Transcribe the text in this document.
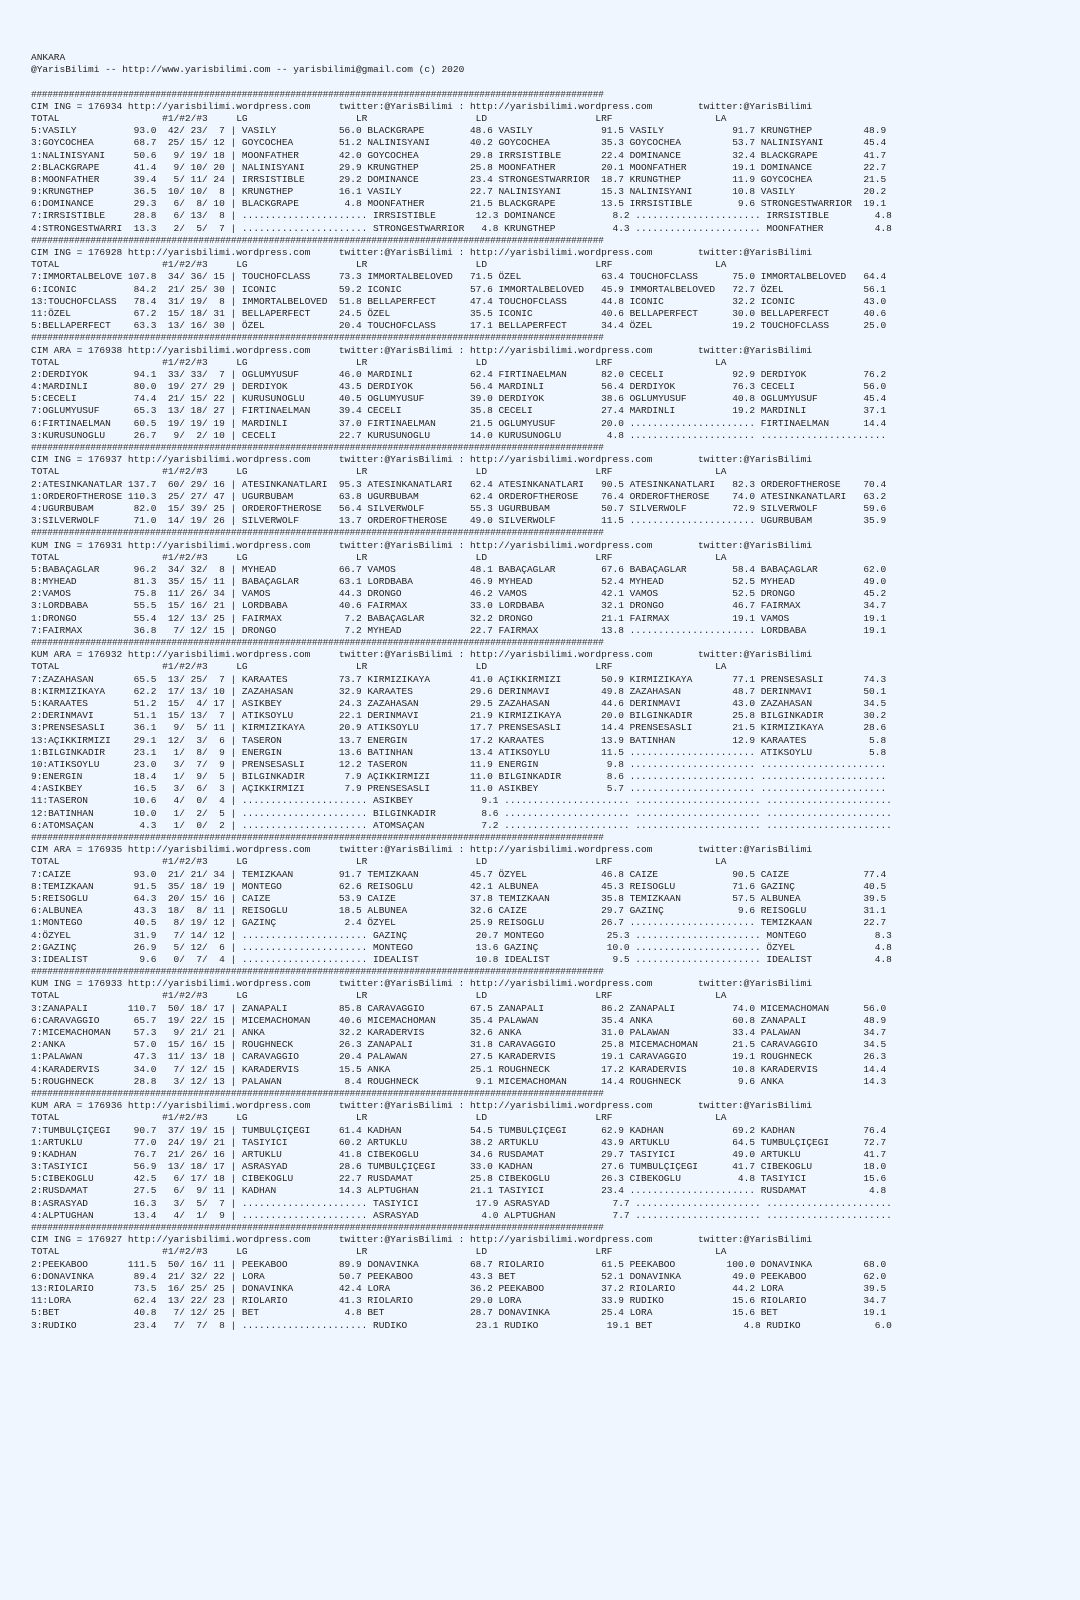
ANKARA
@YarisBilimi -- http://www.yarisbilimi.com -- yarisbilimi@gmail.com (c) 2020
##########################################################################################################
CIM ING = 176934 http://yarisbilimi.wordpress.com     twitter:@YarisBilimi : http://yarisbilimi.wordpress.com        twitter:@YarisBilimi
TOTAL                  #1/#2/#3     LG                   LR                   LD                   LRF                  LA
5:VASILY          93.0  42/ 23/  7 | VASILY           56.0 BLACKGRAPE        48.6 VASILY            91.5 VASILY            91.7 KRUNGTHEP         48.9
3:GOYCOCHEA       68.7  25/ 15/ 12 | GOYCOCHEA        51.2 NALINISYANI       40.2 GOYCOCHEA         35.3 GOYCOCHEA         53.7 NALINISYANI       45.4
1:NALINISYANI     50.6   9/ 19/ 18 | MOONFATHER       42.0 GOYCOCHEA         29.8 IRRSISTIBLE       22.4 DOMINANCE         32.4 BLACKGRAPE        41.7
2:BLACKGRAPE      41.4   9/ 10/ 20 | NALINISYANI      29.9 KRUNGTHEP         25.8 MOONFATHER        20.1 MOONFATHER        19.1 DOMINANCE         22.7
8:MOONFATHER      39.4   5/ 11/ 24 | IRRSISTIBLE      29.2 DOMINANCE         23.4 STRONGESTWARRIOR  18.7 KRUNGTHEP         11.9 GOYCOCHEA         21.5
9:KRUNGTHEP       36.5  10/ 10/  8 | KRUNGTHEP        16.1 VASILY            22.7 NALINISYANI       15.3 NALINISYANI       10.8 VASILY            20.2
6:DOMINANCE       29.3   6/  8/ 10 | BLACKGRAPE        4.8 MOONFATHER        21.5 BLACKGRAPE        13.5 IRRSISTIBLE        9.6 STRONGESTWARRIOR  19.1
7:IRRSISTIBLE     28.8   6/ 13/  8 | ...................... IRRSISTIBLE       12.3 DOMINANCE          8.2 ...................... IRRSISTIBLE        4.8
4:STRONGESTWARRI  13.3   2/  5/  7 | ...................... STRONGESTWARRIOR   4.8 KRUNGTHEP          4.3 ...................... MOONFATHER         4.8
##########################################################################################################
CIM ING = 176928 http://yarisbilimi.wordpress.com     twitter:@YarisBilimi : http://yarisbilimi.wordpress.com        twitter:@YarisBilimi
TOTAL                  #1/#2/#3     LG                   LR                   LD                   LRF                  LA
7:IMMORTALBELOVE 107.8  34/ 36/ 15 | TOUCHOFCLASS     73.3 IMMORTALBELOVED   71.5 ÖZEL              63.4 TOUCHOFCLASS      75.0 IMMORTALBELOVED   64.4
6:ICONIC          84.2  21/ 25/ 30 | ICONIC           59.2 ICONIC            57.6 IMMORTALBELOVED   45.9 IMMORTALBELOVED   72.7 ÖZEL              56.1
13:TOUCHOFCLASS   78.4  31/ 19/  8 | IMMORTALBELOVED  51.8 BELLAPERFECT      47.4 TOUCHOFCLASS      44.8 ICONIC            32.2 ICONIC            43.0
11:ÖZEL           67.2  15/ 18/ 31 | BELLAPERFECT     24.5 ÖZEL              35.5 ICONIC            40.6 BELLAPERFECT      30.0 BELLAPERFECT      40.6
5:BELLAPERFECT    63.3  13/ 16/ 30 | ÖZEL             20.4 TOUCHOFCLASS      17.1 BELLAPERFECT      34.4 ÖZEL              19.2 TOUCHOFCLASS      25.0
##########################################################################################################
CIM ARA = 176938 http://yarisbilimi.wordpress.com     twitter:@YarisBilimi : http://yarisbilimi.wordpress.com        twitter:@YarisBilimi
TOTAL                  #1/#2/#3     LG                   LR                   LD                   LRF                  LA
2:DERDIYOK        94.1  33/ 33/  7 | OGLUMYUSUF       46.0 MARDINLI          62.4 FIRTINAELMAN      82.0 CECELI            92.9 DERDIYOK          76.2
4:MARDINLI        80.0  19/ 27/ 29 | DERDIYOK         43.5 DERDIYOK          56.4 MARDINLI          56.4 DERDIYOK          76.3 CECELI            56.0
5:CECELI          74.4  21/ 15/ 22 | KURUSUNOGLU      40.5 OGLUMYUSUF        39.0 DERDIYOK          38.6 OGLUMYUSUF        40.8 OGLUMYUSUF        45.4
7:OGLUMYUSUF      65.3  13/ 18/ 27 | FIRTINAELMAN     39.4 CECELI            35.8 CECELI            27.4 MARDINLI          19.2 MARDINLI          37.1
6:FIRTINAELMAN    60.5  19/ 19/ 19 | MARDINLI         37.0 FIRTINAELMAN      21.5 OGLUMYUSUF        20.0 ...................... FIRTINAELMAN      14.4
3:KURUSUNOGLU     26.7   9/  2/ 10 | CECELI           22.7 KURUSUNOGLU       14.0 KURUSUNOGLU        4.8 ...................... ......................
##########################################################################################################
CIM ING = 176937 http://yarisbilimi.wordpress.com     twitter:@YarisBilimi : http://yarisbilimi.wordpress.com        twitter:@YarisBilimi
TOTAL                  #1/#2/#3     LG                   LR                   LD                   LRF                  LA
2:ATESINKANATLAR 137.7  60/ 29/ 16 | ATESINKANATLARI  95.3 ATESINKANATLARI   62.4 ATESINKANATLARI   90.5 ATESINKANATLARI   82.3 ORDEROFTHEROSE    70.4
1:ORDEROFTHEROSE 110.3  25/ 27/ 47 | UGURBUBAM        63.8 UGURBUBAM         62.4 ORDEROFTHEROSE    76.4 ORDEROFTHEROSE    74.0 ATESINKANATLARI   63.2
4:UGURBUBAM       82.0  15/ 39/ 25 | ORDEROFTHEROSE   56.4 SILVERWOLF        55.3 UGURBUBAM         50.7 SILVERWOLF        72.9 SILVERWOLF        59.6
3:SILVERWOLF      71.0  14/ 19/ 26 | SILVERWOLF       13.7 ORDEROFTHEROSE    49.0 SILVERWOLF        11.5 ...................... UGURBUBAM         35.9
##########################################################################################################
KUM ING = 176931 http://yarisbilimi.wordpress.com     twitter:@YarisBilimi : http://yarisbilimi.wordpress.com        twitter:@YarisBilimi
TOTAL                  #1/#2/#3     LG                   LR                   LD                   LRF                  LA
5:BABAÇAGLAR      96.2  34/ 32/  8 | MYHEAD           66.7 VAMOS             48.1 BABAÇAGLAR        67.6 BABAÇAGLAR        58.4 BABAÇAGLAR        62.0
8:MYHEAD          81.3  35/ 15/ 11 | BABAÇAGLAR       63.1 LORDBABA          46.9 MYHEAD            52.4 MYHEAD            52.5 MYHEAD            49.0
2:VAMOS           75.8  11/ 26/ 34 | VAMOS            44.3 DRONGO            46.2 VAMOS             42.1 VAMOS             52.5 DRONGO            45.2
3:LORDBABA        55.5  15/ 16/ 21 | LORDBABA         40.6 FAIRMAX           33.0 LORDBABA          32.1 DRONGO            46.7 FAIRMAX           34.7
1:DRONGO          55.4  12/ 13/ 25 | FAIRMAX           7.2 BABAÇAGLAR        32.2 DRONGO            21.1 FAIRMAX           19.1 VAMOS             19.1
7:FAIRMAX         36.8   7/ 12/ 15 | DRONGO            7.2 MYHEAD            22.7 FAIRMAX           13.8 ...................... LORDBABA          19.1
##########################################################################################################
KUM ARA = 176932 http://yarisbilimi.wordpress.com     twitter:@YarisBilimi : http://yarisbilimi.wordpress.com        twitter:@YarisBilimi
TOTAL                  #1/#2/#3     LG                   LR                   LD                   LRF                  LA
7:ZAZAHASAN       65.5  13/ 25/  7 | KARAATES         73.7 KIRMIZIKAYA       41.0 AÇIKKIRMIZI       50.9 KIRMIZIKAYA       77.1 PRENSESASLI       74.3
8:KIRMIZIKAYA     62.2  17/ 13/ 10 | ZAZAHASAN        32.9 KARAATES          29.6 DERINMAVI         49.8 ZAZAHASAN         48.7 DERINMAVI         50.1
5:KARAATES        51.2  15/  4/ 17 | ASIKBEY          24.3 ZAZAHASAN         29.5 ZAZAHASAN         44.6 DERINMAVI         43.0 ZAZAHASAN         34.5
2:DERINMAVI       51.1  15/ 13/  7 | ATIKSOYLU        22.1 DERINMAVI         21.9 KIRMIZIKAYA       20.0 BILGINKADIR       25.8 BILGINKADIR       30.2
3:PRENSESASLI     36.1   9/  5/ 11 | KIRMIZIKAYA      20.9 ATIKSOYLU         17.7 PRENSESASLI       14.4 PRENSESASLI       21.5 KIRMIZIKAYA       28.6
13:AÇIKKIRMIZI    29.1  12/  3/  6 | TASERON          13.7 ENERGIN           17.2 KARAATES          13.9 BATINHAN          12.9 KARAATES           5.8
1:BILGINKADIR     23.1   1/  8/  9 | ENERGIN          13.6 BATINHAN          13.4 ATIKSOYLU         11.5 ...................... ATIKSOYLU          5.8
10:ATIKSOYLU      23.0   3/  7/  9 | PRENSESASLI      12.2 TASERON           11.9 ENERGIN            9.8 ...................... ......................
9:ENERGIN         18.4   1/  9/  5 | BILGINKADIR       7.9 AÇIKKIRMIZI       11.0 BILGINKADIR        8.6 ...................... ......................
4:ASIKBEY         16.5   3/  6/  3 | AÇIKKIRMIZI       7.9 PRENSESASLI       11.0 ASIKBEY            5.7 ...................... ......................
11:TASERON        10.6   4/  0/  4 | ...................... ASIKBEY            9.1 ...................... ...................... ......................
12:BATINHAN       10.0   1/  2/  5 | ...................... BILGINKADIR        8.6 ...................... ...................... ......................
6:ATOMSAÇAN        4.3   1/  0/  2 | ...................... ATOMSAÇAN          7.2 ...................... ...................... ......................
##########################################################################################################
CIM ARA = 176935 http://yarisbilimi.wordpress.com     twitter:@YarisBilimi : http://yarisbilimi.wordpress.com        twitter:@YarisBilimi
TOTAL                  #1/#2/#3     LG                   LR                   LD                   LRF                  LA
7:CAIZE           93.0  21/ 21/ 34 | TEMIZKAAN        91.7 TEMIZKAAN         45.7 ÖZYEL             46.8 CAIZE             90.5 CAIZE             77.4
8:TEMIZKAAN       91.5  35/ 18/ 19 | MONTEGO          62.6 REISOGLU          42.1 ALBUNEA           45.3 REISOGLU          71.6 GAZINÇ            40.5
5:REISOGLU        64.3  20/ 15/ 16 | CAIZE            53.9 CAIZE             37.8 TEMIZKAAN         35.8 TEMIZKAAN         57.5 ALBUNEA           39.5
6:ALBUNEA         43.3  18/  8/ 11 | REISOGLU         18.5 ALBUNEA           32.6 CAIZE             29.7 GAZINÇ             9.6 REISOGLU          31.1
1:MONTEGO         40.5   8/ 19/ 12 | GAZINÇ            2.4 ÖZYEL             25.9 REISOGLU          26.7 ...................... TEMIZKAAN         22.7
4:ÖZYEL           31.9   7/ 14/ 12 | ...................... GAZINÇ            20.7 MONTEGO           25.3 ...................... MONTEGO            8.3
2:GAZINÇ          26.9   5/ 12/  6 | ...................... MONTEGO           13.6 GAZINÇ            10.0 ...................... ÖZYEL              4.8
3:IDEALIST         9.6   0/  7/  4 | ...................... IDEALIST          10.8 IDEALIST           9.5 ...................... IDEALIST           4.8
##########################################################################################################
KUM ING = 176933 http://yarisbilimi.wordpress.com     twitter:@YarisBilimi : http://yarisbilimi.wordpress.com        twitter:@YarisBilimi
TOTAL                  #1/#2/#3     LG                   LR                   LD                   LRF                  LA
3:ZANAPALI       110.7  50/ 18/ 17 | ZANAPALI         85.8 CARAVAGGIO        67.5 ZANAPALI          86.2 ZANAPALI          74.0 MICEMACHOMAN      56.0
6:CARAVAGGIO      65.7  19/ 22/ 15 | MICEMACHOMAN     40.6 MICEMACHOMAN      35.4 PALAWAN           35.4 ANKA              60.8 ZANAPALI          48.9
7:MICEMACHOMAN    57.3   9/ 21/ 21 | ANKA             32.2 KARADERVIS        32.6 ANKA              31.0 PALAWAN           33.4 PALAWAN           34.7
2:ANKA            57.0  15/ 16/ 15 | ROUGHNECK        26.3 ZANAPALI          31.8 CARAVAGGIO        25.8 MICEMACHOMAN      21.5 CARAVAGGIO        34.5
1:PALAWAN         47.3  11/ 13/ 18 | CARAVAGGIO       20.4 PALAWAN           27.5 KARADERVIS        19.1 CARAVAGGIO        19.1 ROUGHNECK         26.3
4:KARADERVIS      34.0   7/ 12/ 15 | KARADERVIS       15.5 ANKA              25.1 ROUGHNECK         17.2 KARADERVIS        10.8 KARADERVIS        14.4
5:ROUGHNECK       28.8   3/ 12/ 13 | PALAWAN           8.4 ROUGHNECK          9.1 MICEMACHOMAN      14.4 ROUGHNECK          9.6 ANKA              14.3
##########################################################################################################
KUM ARA = 176936 http://yarisbilimi.wordpress.com     twitter:@YarisBilimi : http://yarisbilimi.wordpress.com        twitter:@YarisBilimi
TOTAL                  #1/#2/#3     LG                   LR                   LD                   LRF                  LA
7:TUMBULÇIÇEGI    90.7  37/ 19/ 15 | TUMBULÇIÇEGI     61.4 KADHAN            54.5 TUMBULÇIÇEGI      62.9 KADHAN            69.2 KADHAN            76.4
1:ARTUKLU         77.0  24/ 19/ 21 | TASIYICI         60.2 ARTUKLU           38.2 ARTUKLU           43.9 ARTUKLU           64.5 TUMBULÇIÇEGI      72.7
9:KADHAN          76.7  21/ 26/ 16 | ARTUKLU          41.8 CIBEKOGLU         34.6 RUSDAMAT          29.7 TASIYICI          49.0 ARTUKLU           41.7
3:TASIYICI        56.9  13/ 18/ 17 | ASRASYAD         28.6 TUMBULÇIÇEGI      33.0 KADHAN            27.6 TUMBULÇIÇEGI      41.7 CIBEKOGLU         18.0
5:CIBEKOGLU       42.5   6/ 17/ 18 | CIBEKOGLU        22.7 RUSDAMAT          25.8 CIBEKOGLU         26.3 CIBEKOGLU          4.8 TASIYICI          15.6
2:RUSDAMAT        27.5   6/  9/ 11 | KADHAN           14.3 ALPTUGHAN         21.1 TASIYICI          23.4 ...................... RUSDAMAT           4.8
8:ASRASYAD        16.3   3/  5/  7 | ...................... TASIYICI          17.9 ASRASYAD           7.7 ...................... ......................
4:ALPTUGHAN       13.4   4/  1/  9 | ...................... ASRASYAD           4.0 ALPTUGHAN          7.7 ...................... ......................
##########################################################################################################
CIM ING = 176927 http://yarisbilimi.wordpress.com     twitter:@YarisBilimi : http://yarisbilimi.wordpress.com        twitter:@YarisBilimi
TOTAL                  #1/#2/#3     LG                   LR                   LD                   LRF                  LA
2:PEEKABOO       111.5  50/ 16/ 11 | PEEKABOO         89.9 DONAVINKA         68.7 RIOLARIO          61.5 PEEKABOO         100.0 DONAVINKA         68.0
6:DONAVINKA       89.4  21/ 32/ 22 | LORA             50.7 PEEKABOO          43.3 BET               52.1 DONAVINKA         49.0 PEEKABOO          62.0
13:RIOLARIO       73.5  16/ 25/ 25 | DONAVINKA        42.4 LORA              36.2 PEEKABOO          37.2 RIOLARIO          44.2 LORA              39.5
11:LORA           62.4  13/ 22/ 23 | RIOLARIO         41.3 RIOLARIO          29.0 LORA              33.9 RUDIKO            15.6 RIOLARIO          34.7
5:BET             40.8   7/ 12/ 25 | BET               4.8 BET               28.7 DONAVINKA         25.4 LORA              15.6 BET               19.1
3:RUDIKO          23.4   7/  7/  8 | ...................... RUDIKO            23.1 RUDIKO            19.1 BET                4.8 RUDIKO             6.0
